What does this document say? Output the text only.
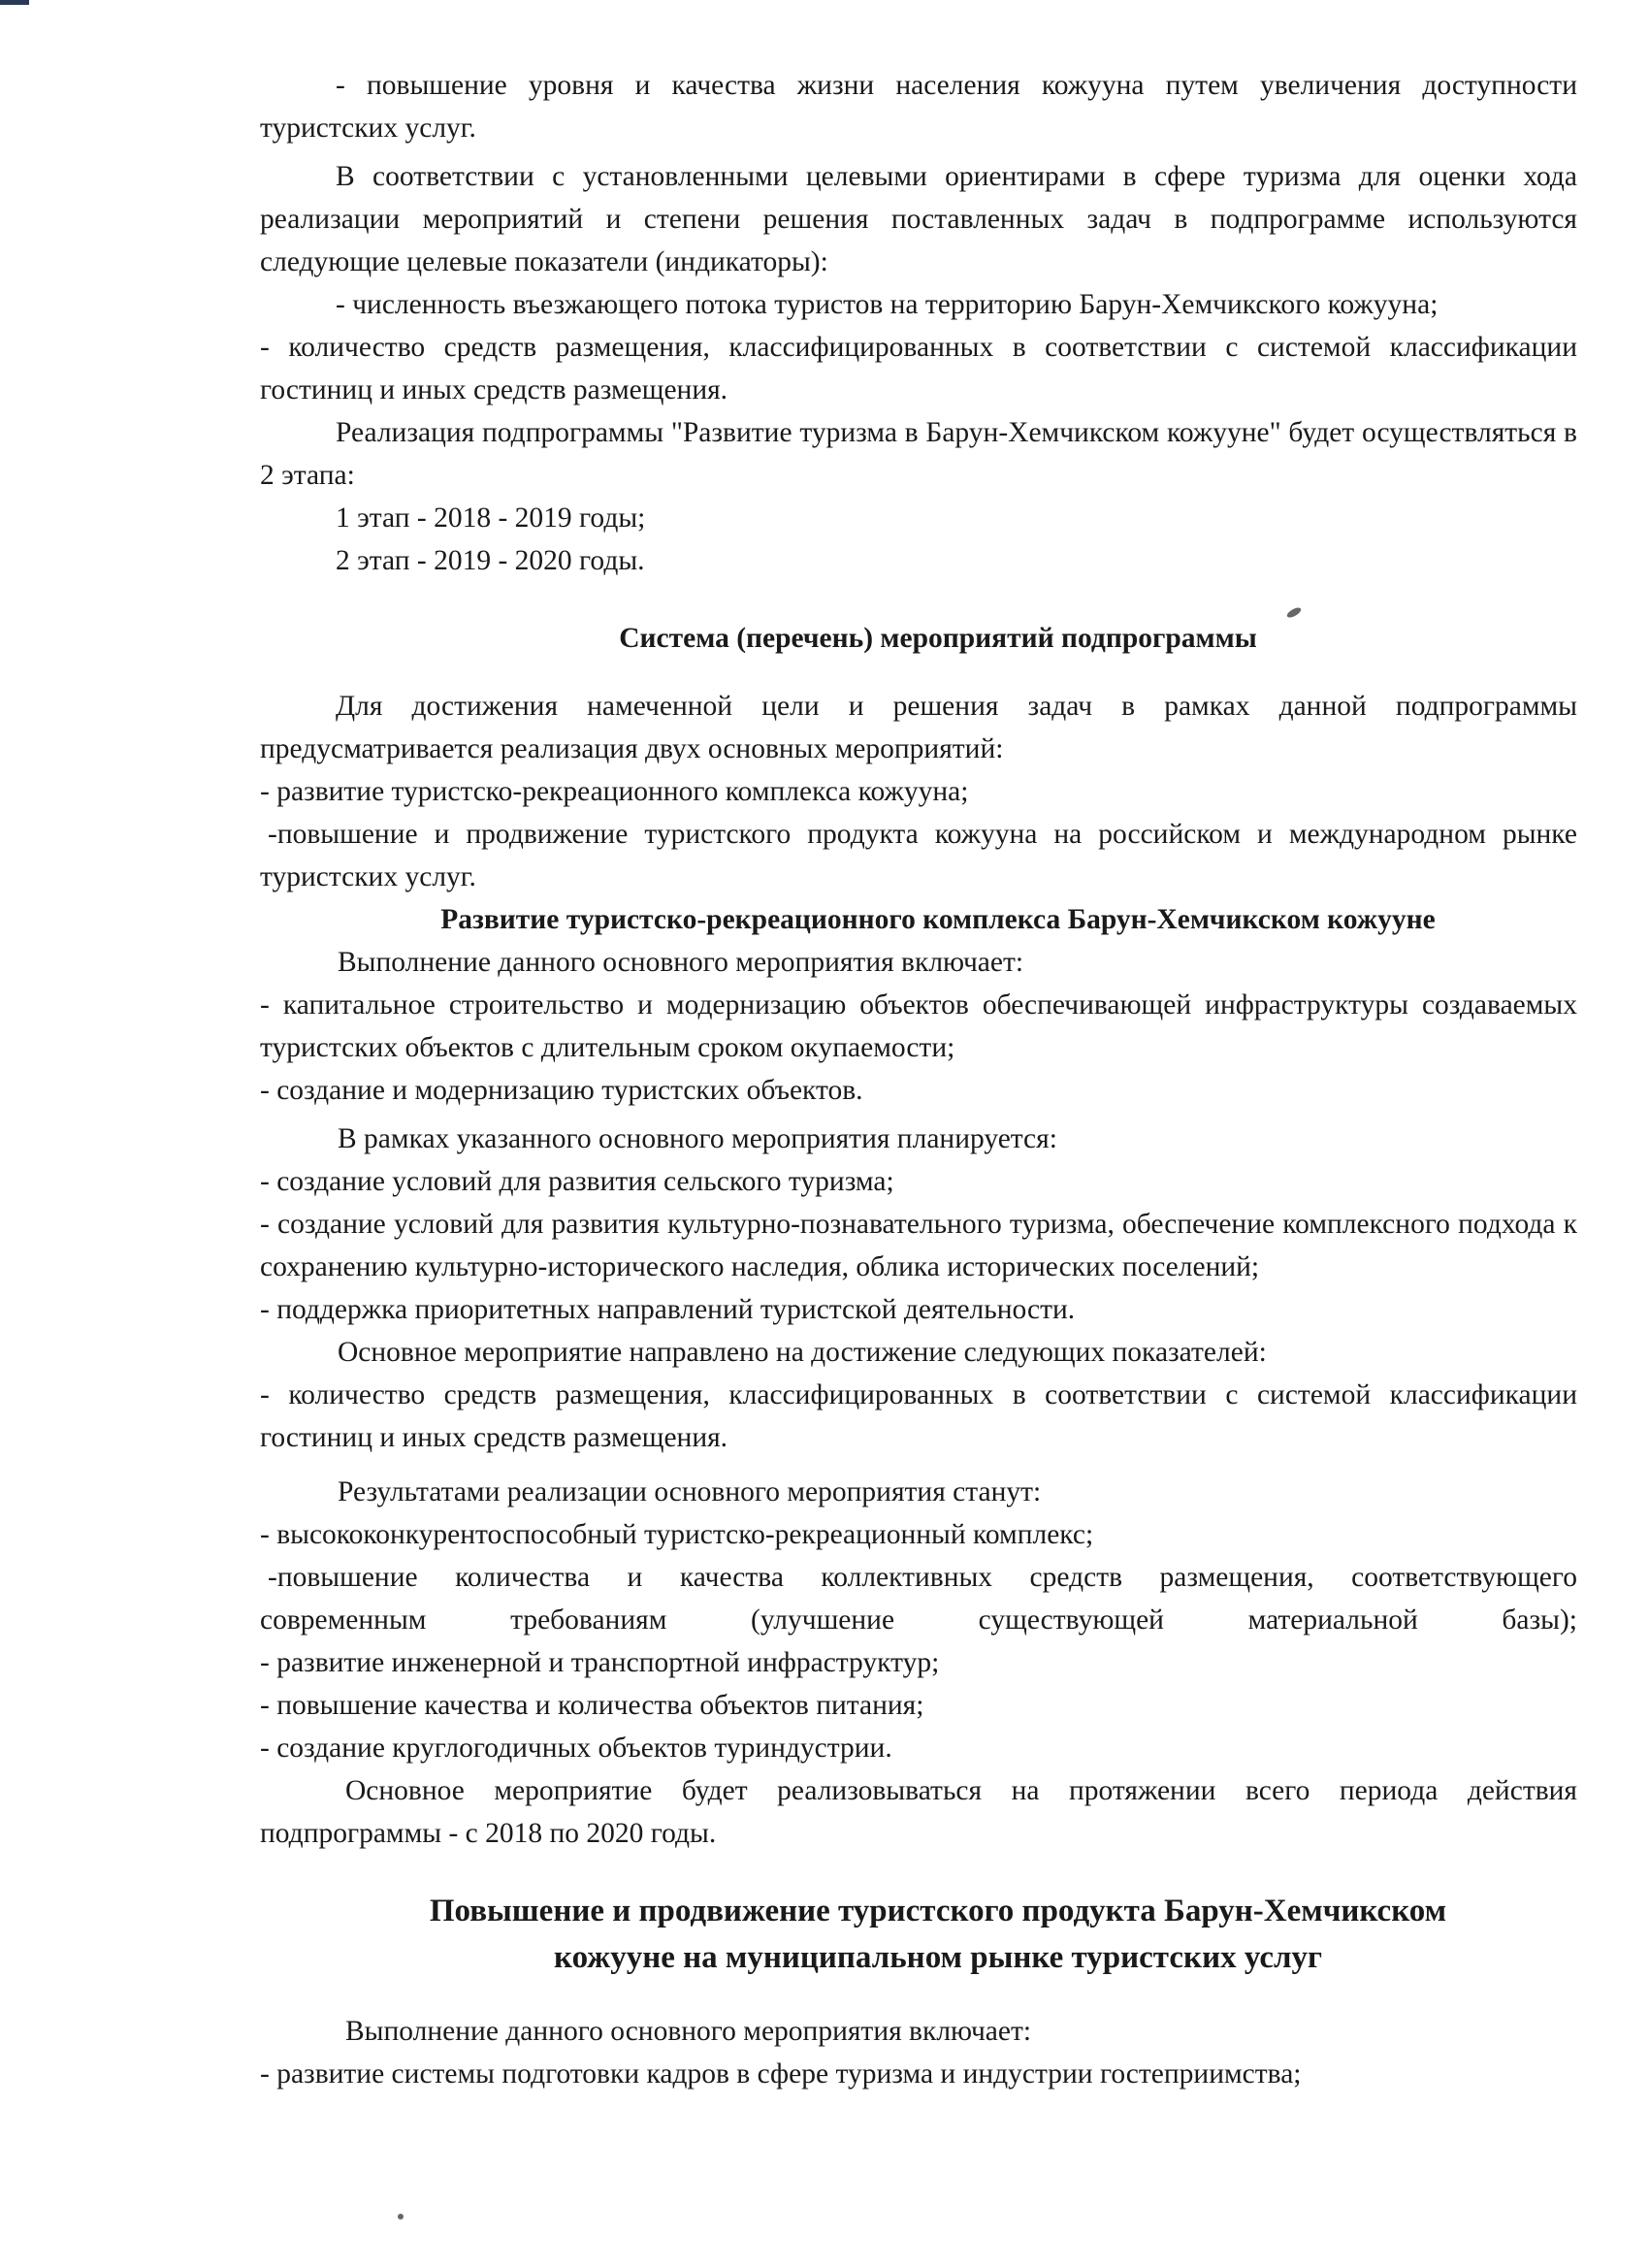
- повышение уровня и качества жизни населения кожууна путем увеличения доступности туристских услуг.

В соответствии с установленными целевыми ориентирами в сфере туризма для оценки хода реализации мероприятий и степени решения поставленных задач в подпрограмме используются следующие целевые показатели (индикаторы):

- численность въезжающего потока туристов на территорию Барун-Хемчикского кожууна;

- количество средств размещения, классифицированных в соответствии с системой классификации гостиниц и иных средств размещения.

Реализация подпрограммы "Развитие туризма в Барун-Хемчикском кожууне" будет осуществляться в 2 этапа:

1 этап - 2018 - 2019 годы;

2 этап - 2019 - 2020 годы.

Система (перечень) мероприятий подпрограммы

Для достижения намеченной цели и решения задач в рамках данной подпрограммы предусматривается реализация двух основных мероприятий:

- развитие туристско-рекреационного комплекса кожууна;

-повышение и продвижение туристского продукта кожууна на российском и международном рынке туристских услуг.

Развитие туристско-рекреационного комплекса Барун-Хемчикском кожууне

Выполнение данного основного мероприятия включает:

- капитальное строительство и модернизацию объектов обеспечивающей инфраструктуры создаваемых туристских объектов с длительным сроком окупаемости;

- создание и модернизацию туристских объектов.

В рамках указанного основного мероприятия планируется:

- создание условий для развития сельского туризма;

- создание условий для развития культурно-познавательного туризма, обеспечение комплексного подхода к сохранению культурно-исторического наследия, облика исторических поселений;

- поддержка приоритетных направлений туристской деятельности.

Основное мероприятие направлено на достижение следующих показателей:

- количество средств размещения, классифицированных в соответствии с системой классификации гостиниц и иных средств размещения.

Результатами реализации основного мероприятия станут:

- высококонкурентоспособный туристско-рекреационный комплекс;

-повышение количества и качества коллективных средств размещения, соответствующего

современным требованиям (улучшение существующей материальной базы);

- развитие инженерной и транспортной инфраструктур;

- повышение качества и количества объектов питания;

- создание круглогодичных объектов туриндустрии.

Основное мероприятие будет реализовываться на протяжении всего периода действия подпрограммы - с 2018 по 2020 годы.

Повышение и продвижение туристского продукта Барун-Хемчикском

кожууне на муниципальном рынке туристских услуг

Выполнение данного основного мероприятия включает:

- развитие системы подготовки кадров в сфере туризма и индустрии гостеприимства;
